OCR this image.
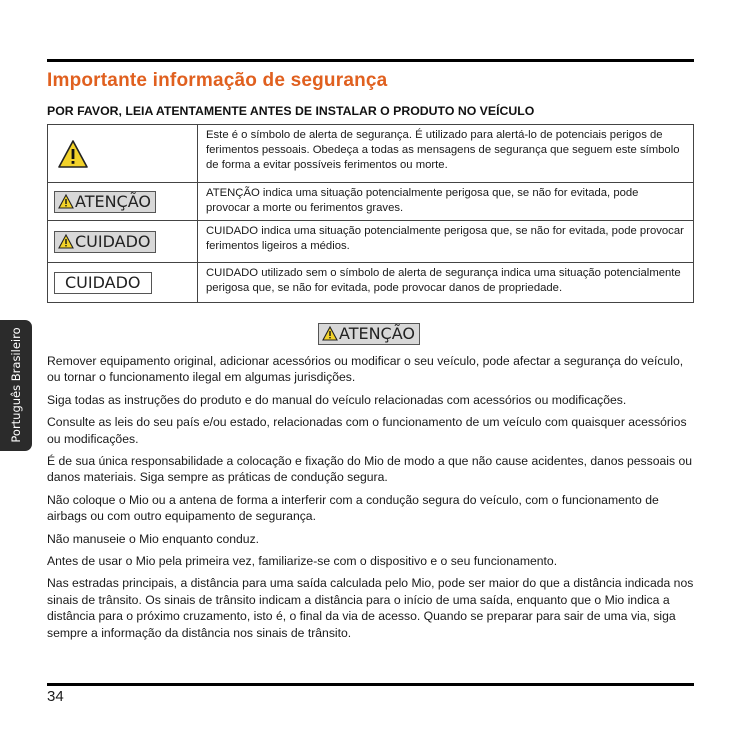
Importante informação de segurança
POR FAVOR, LEIA ATENTAMENTE ANTES DE INSTALAR O PRODUTO NO VEÍCULO
	Este é o símbolo de alerta de segurança. É utilizado para alertá-lo de potenciais perigos de ferimentos pessoais. Obedeça a todas as mensagens de segurança que seguem este símbolo de forma a evitar possíveis ferimentos ou morte.
ATENÇÃO	ATENÇÃO indica uma situação potencialmente perigosa que, se não for evitada, pode provocar a morte ou ferimentos graves.
CUIDADO	CUIDADO indica uma situação potencialmente perigosa que, se não for evitada, pode provocar ferimentos ligeiros a médios.
CUIDADO	CUIDADO utilizado sem o símbolo de alerta de segurança indica uma situação potencialmente perigosa que, se não for evitada, pode provocar danos de propriedade.
Português Brasileiro	ATENÇÃO

Remover equipamento original, adicionar acessórios ou modificar o seu veículo, pode afectar a segurança do veículo, ou tornar o funcionamento ilegal em algumas jurisdições.

Siga todas as instruções do produto e do manual do veículo relacionadas com acessórios ou modificações.

Consulte as leis do seu país e/ou estado, relacionadas com o funcionamento de um veículo com quaisquer acessórios ou modificações.

É de sua única responsabilidade a colocação e fixação do Mio de modo a que não cause acidentes, danos pessoais ou danos materiais. Siga sempre as práticas de condução segura.

Não coloque o Mio ou a antena de forma a interferir com a condução segura do veículo, com o funcionamento de airbags ou com outro equipamento de segurança.

Não manuseie o Mio enquanto conduz.

Antes de usar o Mio pela primeira vez, familiarize-se com o dispositivo e o seu funcionamento.

Nas estradas principais, a distância para uma saída calculada pelo Mio, pode ser maior do que a distância indicada nos sinais de trânsito. Os sinais de trânsito indicam a distância para o início de uma saída, enquanto que o Mio indica a distância para o próximo cruzamento, isto é, o final da via de acesso. Quando se preparar para sair de uma via, siga sempre a informação da distância nos sinais de trânsito.

34
